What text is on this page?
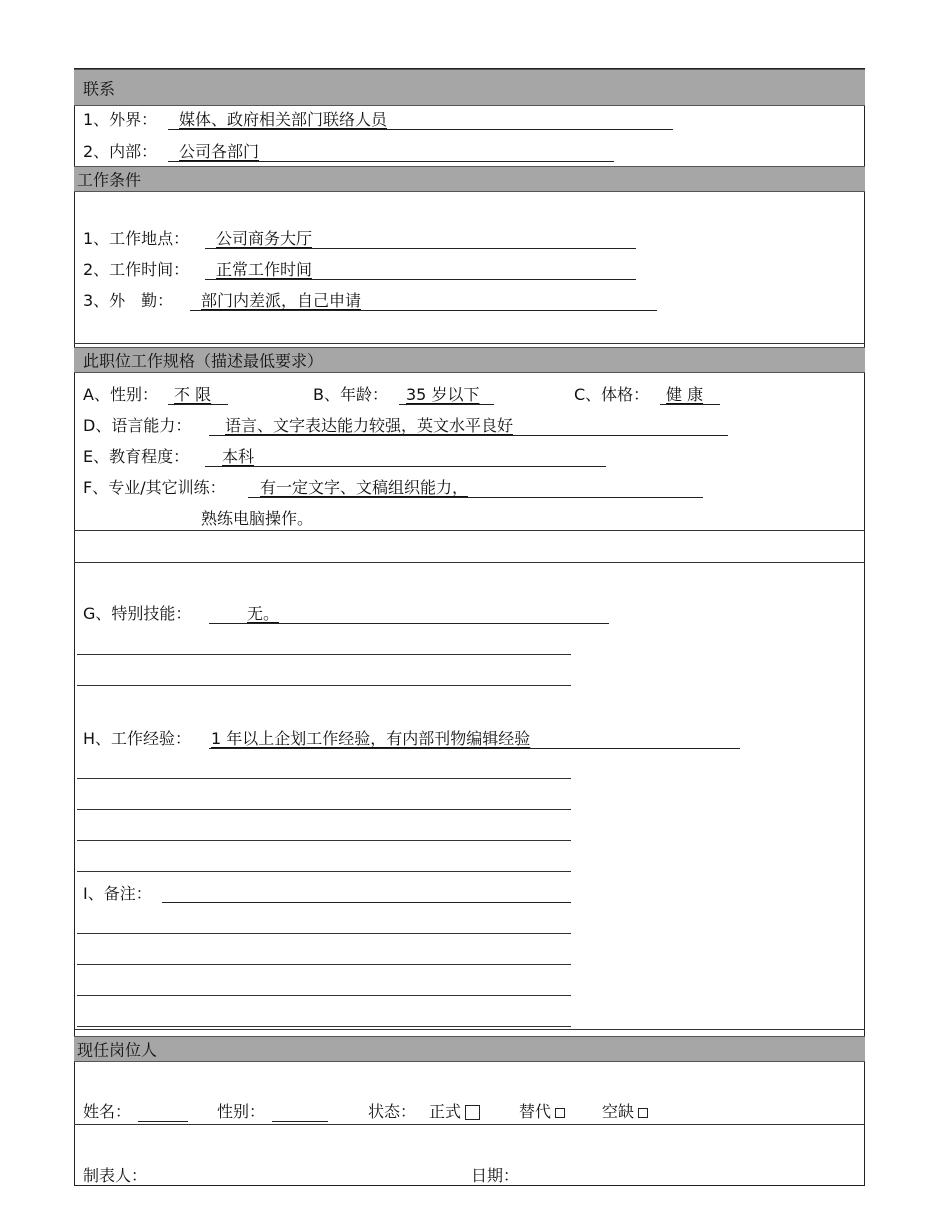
联系
1、外界： 媒体、政府相关部门联络人员
2、内部： 公司各部门
工作条件
1、工作地点： 公司商务大厅
2、工作时间： 正常工作时间
3、外　勤： 部门内差派，自己申请
此职位工作规格（描述最低要求）
A、性别： 不 限	B、年龄： 35 岁以下	C、体格： 健 康
D、语言能力： 语言、文字表达能力较强，英文水平良好
E、教育程度： 本科
F、专业/其它训练： 有一定文字、文稿组织能力，
熟练电脑操作。
G、特别技能：	无。
H、工作经验： 1 年以上企划工作经验，有内部刊物编辑经验
I、备注：
现任岗位人
姓名：	性别：	状态： 正式	替代	空缺
制表人：	日期：
